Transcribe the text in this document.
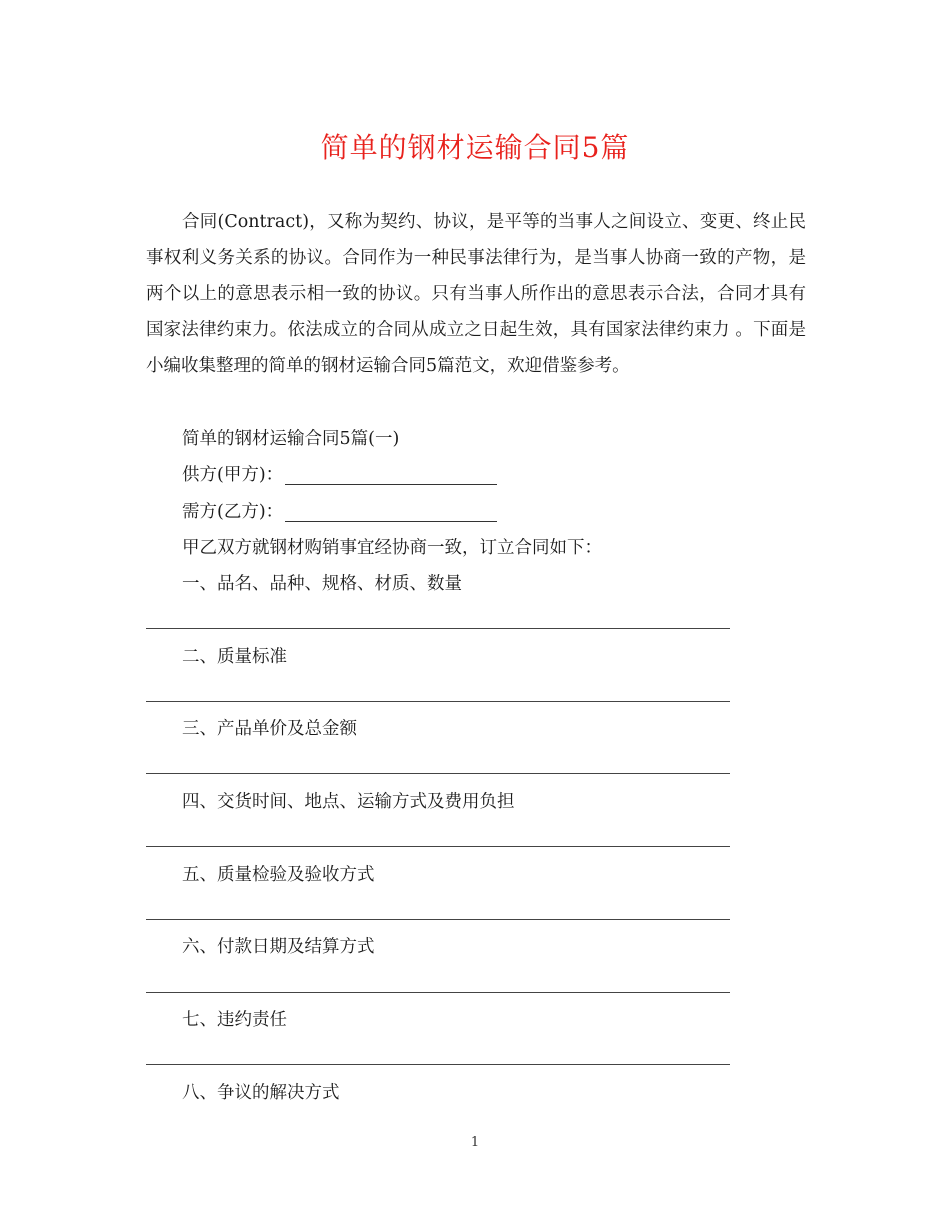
简单的钢材运输合同5篇

合同(Contract)，又称为契约、协议，是平等的当事人之间设立、变更、终止民事权利义务关系的协议。合同作为一种民事法律行为，是当事人协商一致的产物，是两个以上的意思表示相一致的协议。只有当事人所作出的意思表示合法，合同才具有国家法律约束力。依法成立的合同从成立之日起生效，具有国家法律约束力 。下面是小编收集整理的简单的钢材运输合同5篇范文，欢迎借鉴参考。

简单的钢材运输合同5篇(一)
供方(甲方)：
需方(乙方)：
甲乙双方就钢材购销事宜经协商一致，订立合同如下：
一、品名、品种、规格、材质、数量
二、质量标准
三、产品单价及总金额
四、交货时间、地点、运输方式及费用负担
五、质量检验及验收方式
六、付款日期及结算方式
七、违约责任
八、争议的解决方式
1
